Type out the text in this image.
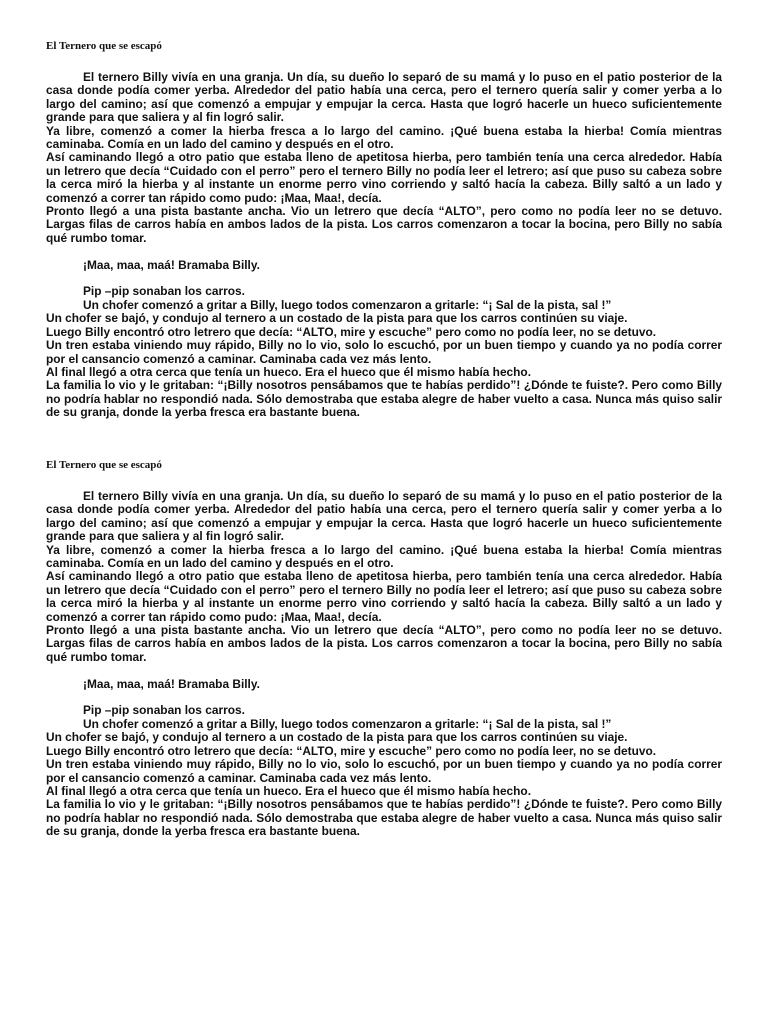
El Ternero que se escapó

El ternero Billy vivía en una granja. Un día, su dueño lo separó de su mamá y lo puso en el patio posterior de la casa donde podía comer yerba. Alrededor del patio había una cerca, pero el ternero quería salir y comer yerba a lo largo del camino; así que comenzó a empujar y empujar la cerca. Hasta que logró hacerle un hueco suficientemente grande para que saliera y al fin logró salir.

Ya libre, comenzó a comer la hierba fresca a lo largo del camino. ¡Qué buena estaba la hierba! Comía mientras caminaba. Comía en un lado del camino y después en el otro.

Así caminando llegó a otro patio que estaba lleno de apetitosa hierba, pero también tenía una cerca alrededor. Había un letrero que decía “Cuidado con el perro” pero el ternero Billy no podía leer el letrero; así que puso su cabeza sobre la cerca miró la hierba y al instante un enorme perro vino corriendo y saltó hacía la cabeza. Billy saltó a un lado y comenzó a correr tan rápido como pudo: ¡Maa, Maa!, decía.

Pronto llegó a una pista bastante ancha. Vio un letrero que decía “ALTO”, pero como no podía leer no se detuvo. Largas filas de carros había en ambos lados de la pista. Los carros comenzaron a tocar la bocina, pero Billy no sabía qué rumbo tomar.

¡Maa, maa, maá! Bramaba Billy.

Pip –pip sonaban los carros.

Un chofer comenzó a gritar a Billy, luego todos comenzaron a gritarle: “¡ Sal de la pista, sal !”

Un chofer se bajó, y condujo al ternero a un costado de la pista para que los carros continúen su viaje.

Luego Billy encontró otro letrero que decía: “ALTO, mire y escuche” pero como no podía leer, no se detuvo.

Un tren estaba viniendo muy rápido, Billy no lo vio, solo lo escuchó, por un buen tiempo y cuando ya no podía correr por el cansancio comenzó a caminar. Caminaba cada vez más lento.

Al final llegó a otra cerca que tenía un hueco. Era el hueco que él mismo había hecho.

La familia lo vio y le gritaban: “¡Billy nosotros pensábamos que te habías perdido”! ¿Dónde te fuiste?. Pero como Billy no podría hablar no respondió nada. Sólo demostraba que estaba alegre de haber vuelto a casa. Nunca más quiso salir de su granja, donde la yerba fresca era bastante buena.

El Ternero que se escapó

El ternero Billy vivía en una granja. Un día, su dueño lo separó de su mamá y lo puso en el patio posterior de la casa donde podía comer yerba. Alrededor del patio había una cerca, pero el ternero quería salir y comer yerba a lo largo del camino; así que comenzó a empujar y empujar la cerca. Hasta que logró hacerle un hueco suficientemente grande para que saliera y al fin logró salir.

Ya libre, comenzó a comer la hierba fresca a lo largo del camino. ¡Qué buena estaba la hierba! Comía mientras caminaba. Comía en un lado del camino y después en el otro.

Así caminando llegó a otro patio que estaba lleno de apetitosa hierba, pero también tenía una cerca alrededor. Había un letrero que decía “Cuidado con el perro” pero el ternero Billy no podía leer el letrero; así que puso su cabeza sobre la cerca miró la hierba y al instante un enorme perro vino corriendo y saltó hacía la cabeza. Billy saltó a un lado y comenzó a correr tan rápido como pudo: ¡Maa, Maa!, decía.

Pronto llegó a una pista bastante ancha. Vio un letrero que decía “ALTO”, pero como no podía leer no se detuvo. Largas filas de carros había en ambos lados de la pista. Los carros comenzaron a tocar la bocina, pero Billy no sabía qué rumbo tomar.

¡Maa, maa, maá! Bramaba Billy.

Pip –pip sonaban los carros.

Un chofer comenzó a gritar a Billy, luego todos comenzaron a gritarle: “¡ Sal de la pista, sal !”

Un chofer se bajó, y condujo al ternero a un costado de la pista para que los carros continúen su viaje.

Luego Billy encontró otro letrero que decía: “ALTO, mire y escuche” pero como no podía leer, no se detuvo.

Un tren estaba viniendo muy rápido, Billy no lo vio, solo lo escuchó, por un buen tiempo y cuando ya no podía correr por el cansancio comenzó a caminar. Caminaba cada vez más lento.

Al final llegó a otra cerca que tenía un hueco. Era el hueco que él mismo había hecho.

La familia lo vio y le gritaban: “¡Billy nosotros pensábamos que te habías perdido”! ¿Dónde te fuiste?. Pero como Billy no podría hablar no respondió nada. Sólo demostraba que estaba alegre de haber vuelto a casa. Nunca más quiso salir de su granja, donde la yerba fresca era bastante buena.
